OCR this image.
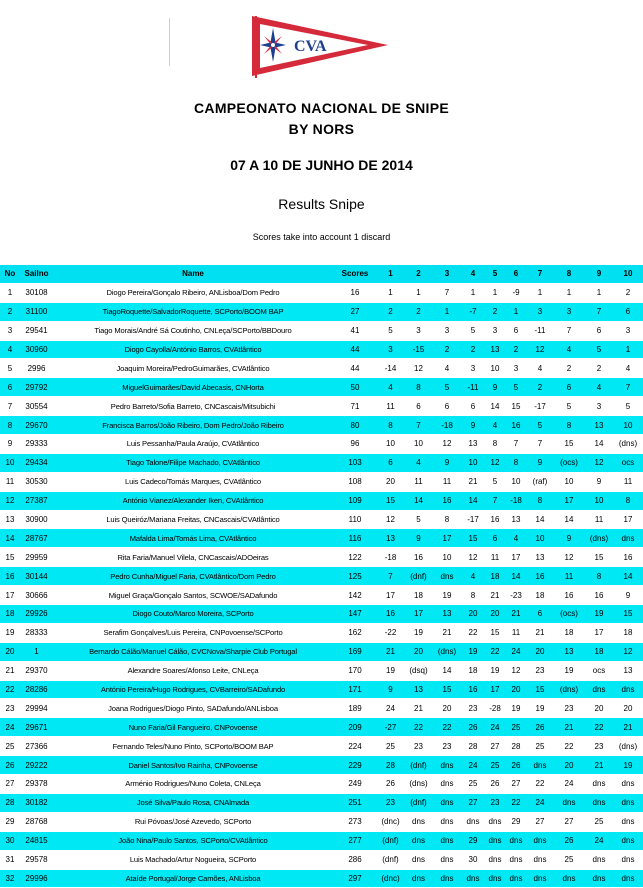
CVA
CAMPEONATO NACIONAL DE SNIPE
BY NORS
07 A 10 DE JUNHO DE 2014
Results Snipe
Scores take into account 1 discard
No	Sailno	Name	Scores	1	2	3	4	5	6	7	8	9	10
1	30108	Diogo Pereira/Gonçalo Ribeiro, ANLisboa/Dom Pedro	16	1	1	7	1	1	-9	1	1	1	2
2	31100	TiagoRoquette/SalvadorRoquette, SCPorto/BOOM BAP	27	2	2	1	-7	2	1	3	3	7	6
3	29541	Tiago Morais/André Sá Coutinho, CNLeça/SCPorto/BBDouro	41	5	3	3	5	3	6	-11	7	6	3
4	30960	Diogo Cayolla/António Barros, CVAtlântico	44	3	-15	2	2	13	2	12	4	5	1
5	2996	Joaquim Moreira/PedroGuimarães, CVAtlântico	44	-14	12	4	3	10	3	4	2	2	4
6	29792	MiguelGuimarães/David Abecasis, CNHorta	50	4	8	5	-11	9	5	2	6	4	7
7	30554	Pedro Barreto/Sofia Barreto, CNCascais/Mitsubichi	71	11	6	6	6	14	15	-17	5	3	5
8	29670	Francisca Barros/João Ribeiro, Dom Pedro/João Ribeiro	80	8	7	-18	9	4	16	5	8	13	10
9	29333	Luis Pessanha/Paula Araújo, CVAtlântico	96	10	10	12	13	8	7	7	15	14	(dns)
10	29434	Tiago Talone/Filipe Machado, CVAtlântico	103	6	4	9	10	12	8	9	(ocs)	12	ocs
11	30530	Luis Cadeco/Tomás Marques, CVAtlântico	108	20	11	11	21	5	10	(raf)	10	9	11
12	27387	António Vianez/Alexander Iken, CVAtlântico	109	15	14	16	14	7	-18	8	17	10	8
13	30900	Luis Queiróz/Mariana Freitas, CNCascais/CVAtlântico	110	12	5	8	-17	16	13	14	14	11	17
14	28767	Mafalda Lima/Tomás Lima, CVAtlântico	116	13	9	17	15	6	4	10	9	(dns)	dns
15	29959	Rita Faria/Manuel Vilela, CNCascais/ADOeiras	122	-18	16	10	12	11	17	13	12	15	16
16	30144	Pedro Cunha/Miguel Faria, CVAtlântico/Dom Pedro	125	7	(dnf)	dns	4	18	14	16	11	8	14
17	30666	Miguel Graça/Gonçalo Santos, SCWOE/SADafundo	142	17	18	19	8	21	-23	18	16	16	9
18	29926	Diogo Couto/Marco Moreira, SCPorto	147	16	17	13	20	20	21	6	(ocs)	19	15
19	28333	Serafim Gonçalves/Luis Pereira, CNPovoense/SCPorto	162	-22	19	21	22	15	11	21	18	17	18
20	1	Bernardo Cálão/Manuel Cálão, CVCNova/Sharpie Club Portugal	169	21	20	(dns)	19	22	24	20	13	18	12
21	29370	Alexandre Soares/Afonso Leite, CNLeça	170	19	(dsq)	14	18	19	12	23	19	ocs	13
22	28286	António Pereira/Hugo Rodrigues, CVBarreiro/SADafundo	171	9	13	15	16	17	20	15	(dns)	dns	dns
23	29994	Joana Rodrigues/Diogo Pinto, SADafundo/ANLisboa	189	24	21	20	23	-28	19	19	23	20	20
24	29671	Nuno Faria/Gil Fangueiro, CNPovoense	209	-27	22	22	26	24	25	26	21	22	21
25	27366	Fernando Teles/Nuno Pinto, SCPorto/BOOM BAP	224	25	23	23	28	27	28	25	22	23	(dns)
26	29222	Daniel Santos/Ivo Rainha, CNPovoense	229	28	(dnf)	dns	24	25	26	dns	20	21	19
27	29378	Arménio Rodrigues/Nuno Coleta, CNLeça	249	26	(dns)	dns	25	26	27	22	24	dns	dns
28	30182	José Silva/Paulo Rosa, CNAlmada	251	23	(dnf)	dns	27	23	22	24	dns	dns	dns
29	28768	Rui Póvoas/José Azevedo, SCPorto	273	(dnc)	dns	dns	dns	dns	29	27	27	25	dns
30	24815	João Nina/Paulo Santos, SCPorto/CVAtlântico	277	(dnf)	dns	dns	29	dns	dns	dns	26	24	dns
31	29578	Luis Machado/Artur Nogueira, SCPorto	286	(dnf)	dns	dns	30	dns	dns	dns	25	dns	dns
32	29996	Ataíde Portugal/Jorge Camões, ANLisboa	297	(dnc)	dns	dns	dns	dns	dns	dns	dns	dns	dns
